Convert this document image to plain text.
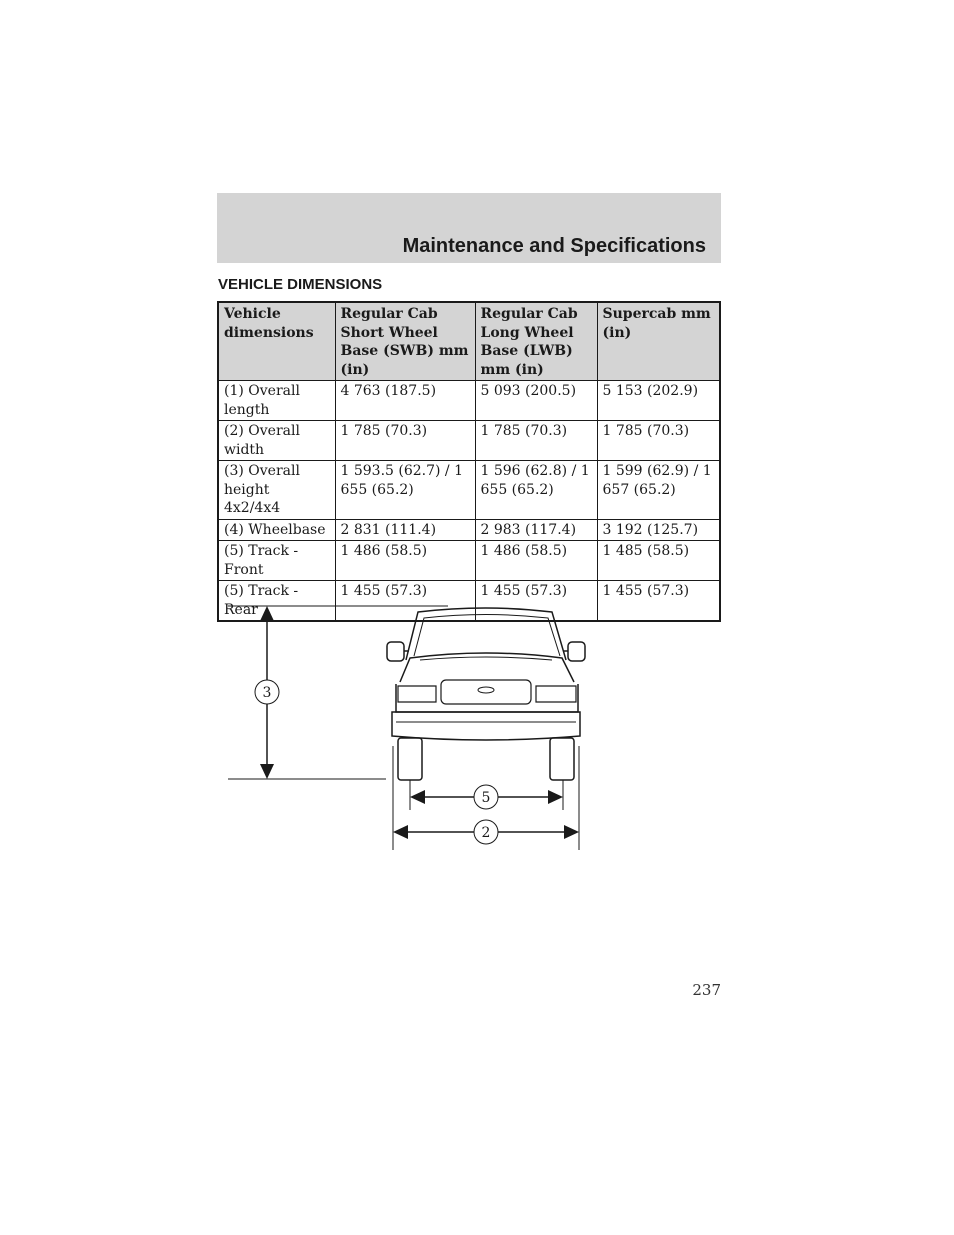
Maintenance and Specifications
VEHICLE DIMENSIONS
Vehicle dimensions	Regular Cab Short Wheel Base (SWB) mm (in)	Regular Cab Long Wheel Base (LWB) mm (in)	Supercab mm (in)
(1) Overall length	4 763 (187.5)	5 093 (200.5)	5 153 (202.9)
(2) Overall width	1 785 (70.3)	1 785 (70.3)	1 785 (70.3)
(3) Overall height 4x2/4x4	1 593.5 (62.7) / 1 655 (65.2)	1 596 (62.8) / 1 655 (65.2)	1 599 (62.9) / 1 657 (65.2)
(4) Wheelbase	2 831 (111.4)	2 983 (117.4)	3 192 (125.7)
(5) Track - Front	1 486 (58.5)	1 486 (58.5)	1 485 (58.5)
(5) Track - Rear	1 455 (57.3)	1 455 (57.3)	1 455 (57.3)
3
5
2
237
